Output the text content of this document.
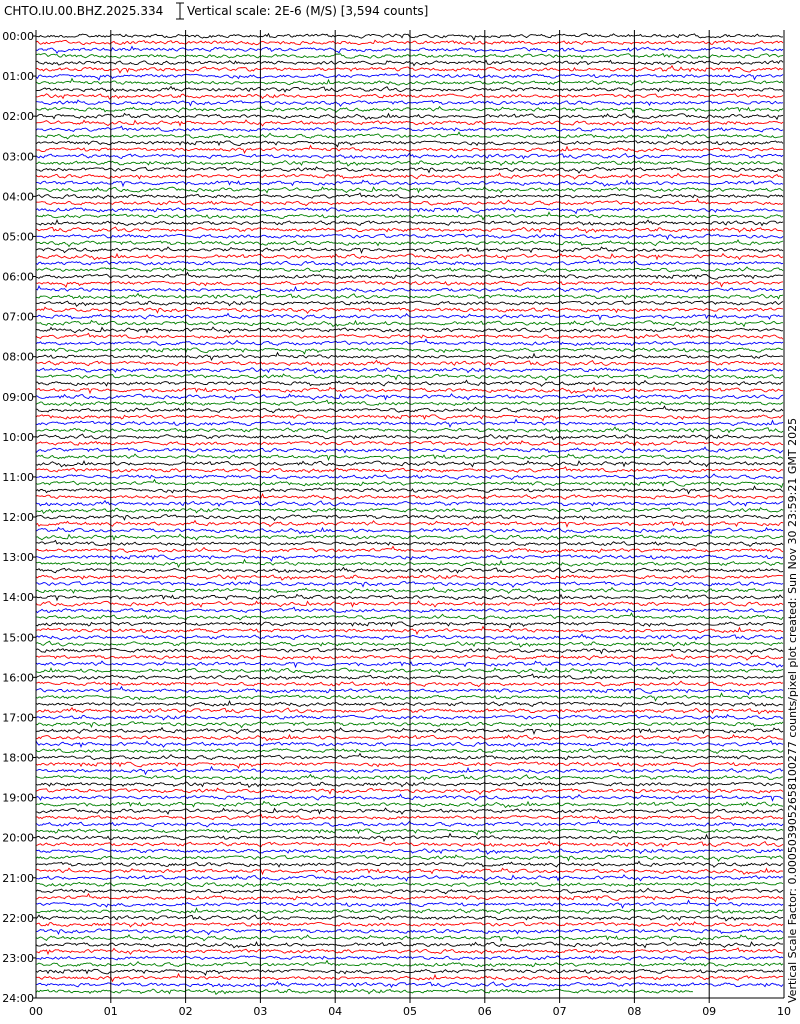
CHTO.IU.00.BHZ.2025.334 Vertical scale: 2E-6 (M/S) [3,594 counts]
00:00
01:00
02:00
03:00
04:00
05:00
06:00
07:00
08:00
09:00
10:00
11:00
12:00
13:00
14:00
15:00
16:00
17:00
18:00
19:00
20:00
21:00
22:00
23:00
24:00
00	01	02	03	04	05	06	07	08	09	10
Vertical Scale Factor: 0.00050390526581002​77 counts/pixel plot created: Sun Nov 30 23:59:21 GMT 2025
